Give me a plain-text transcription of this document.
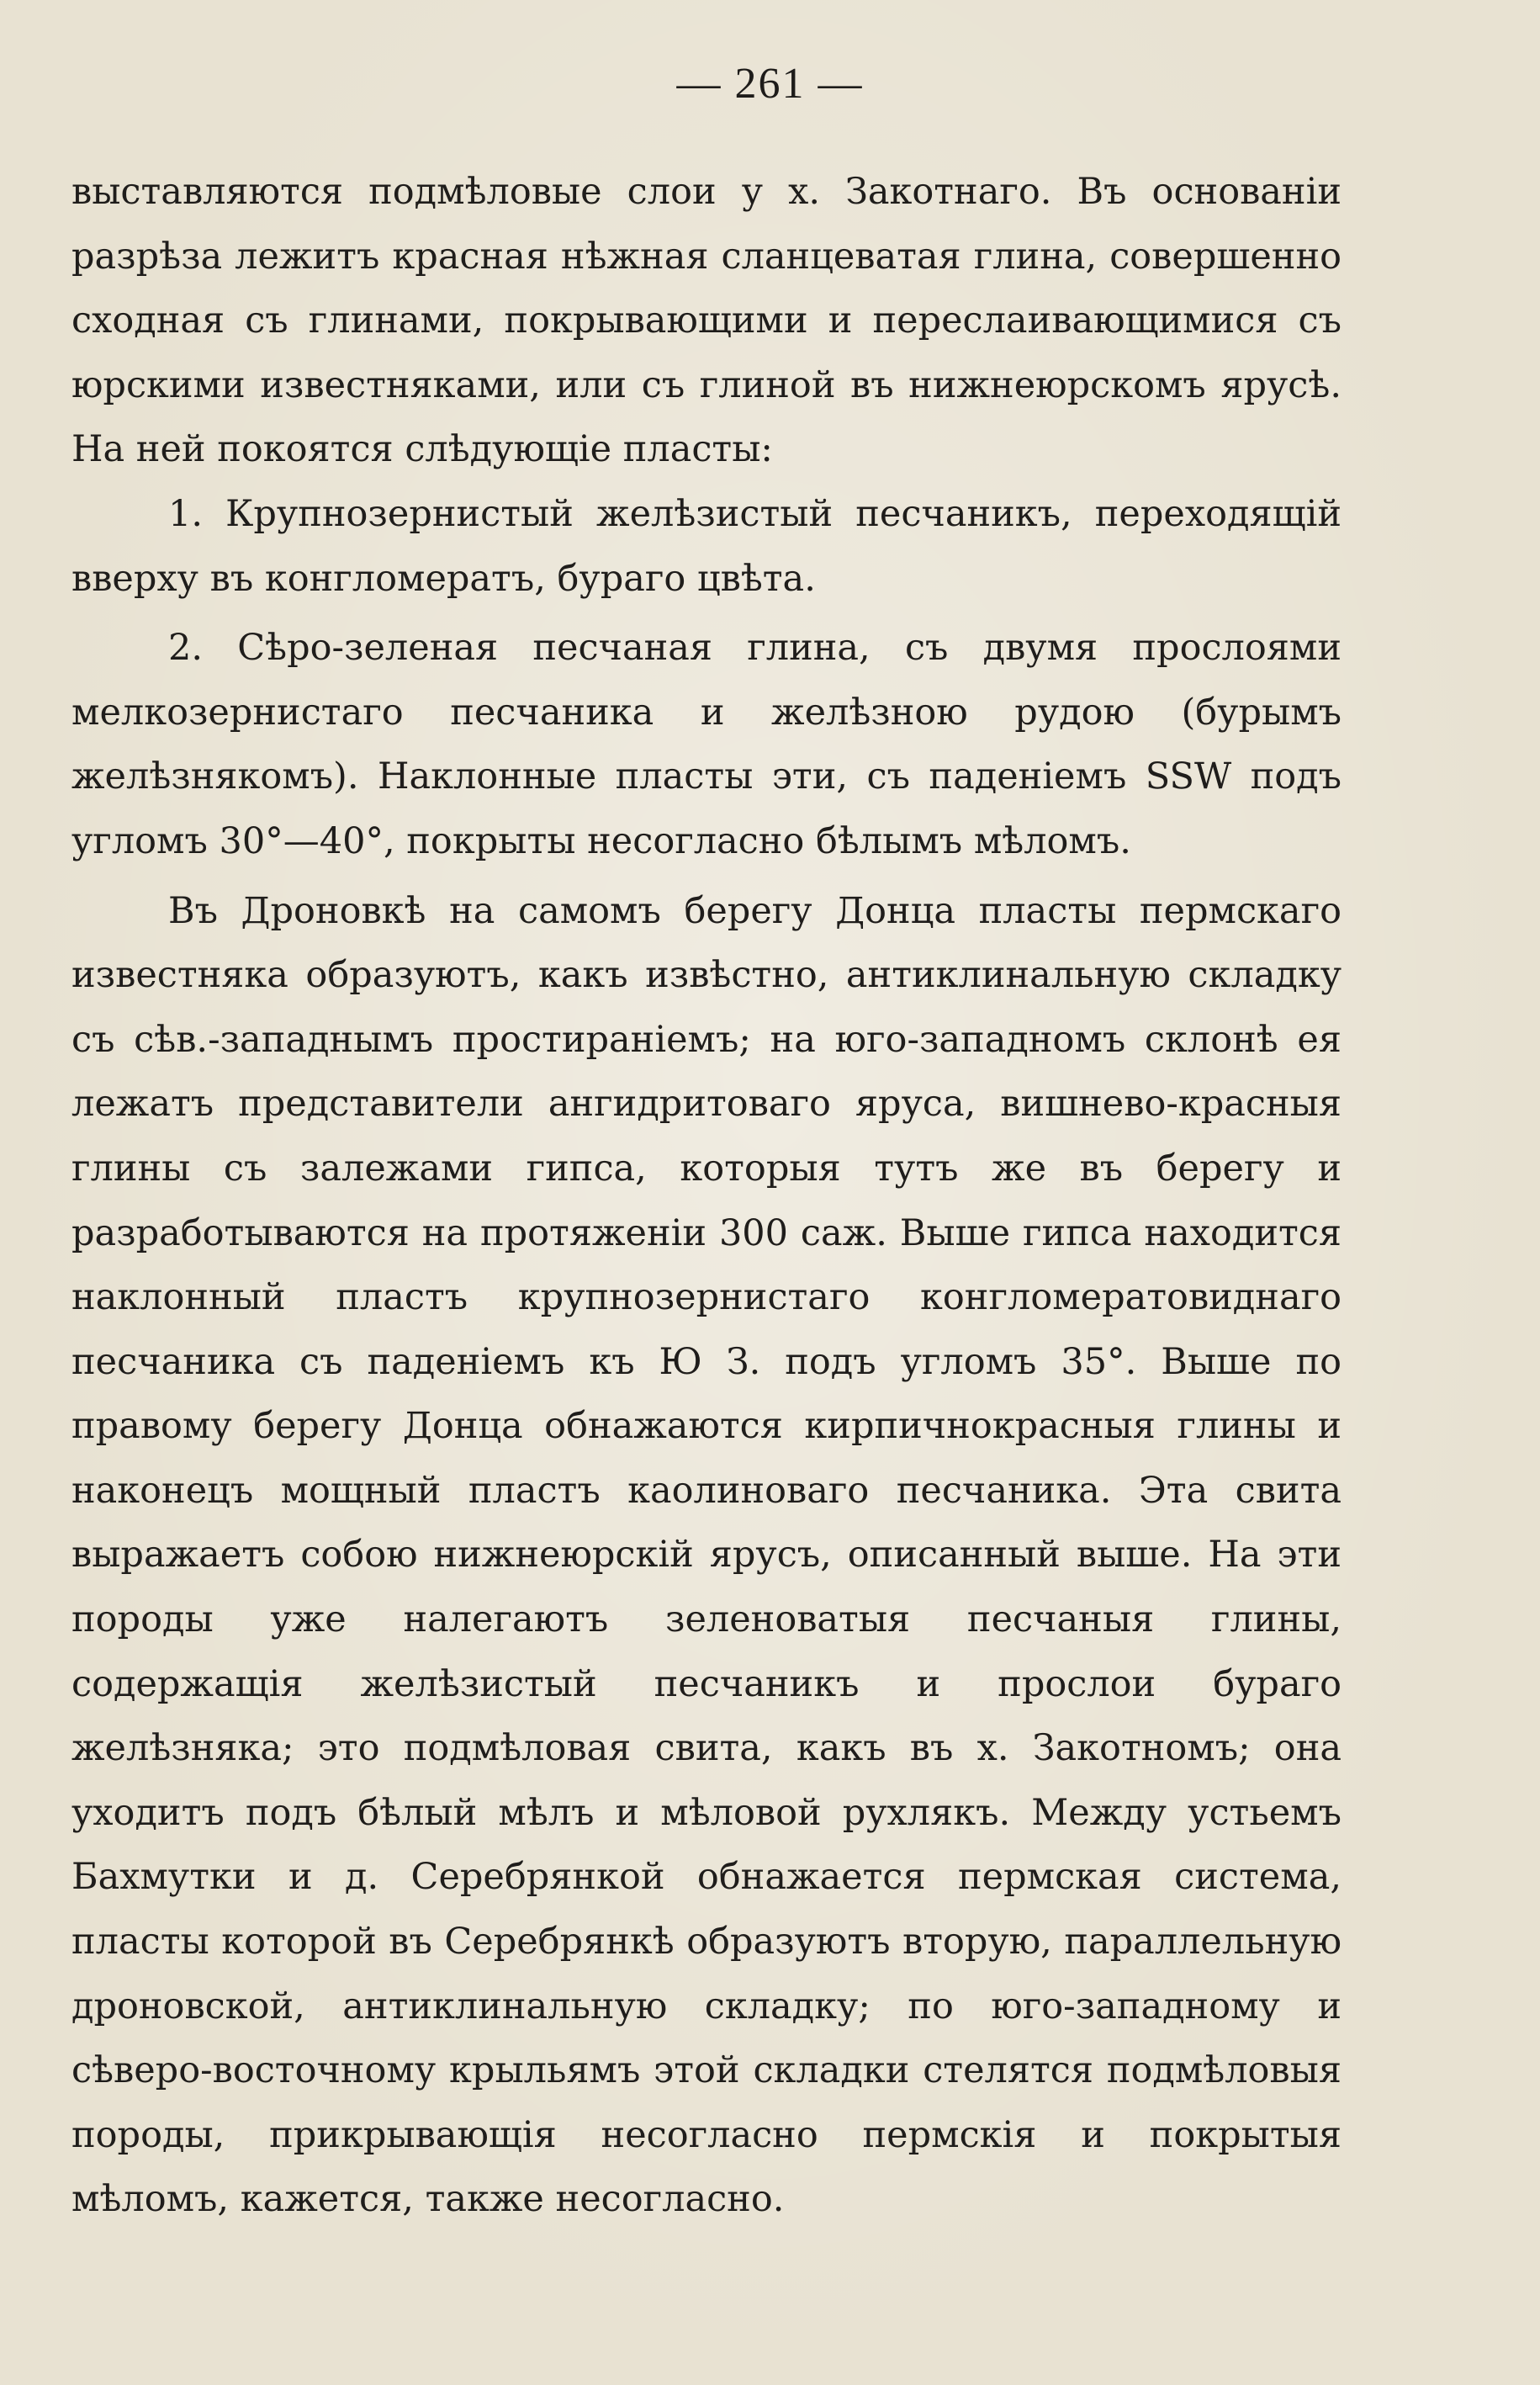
— 261 —

выставляются подмѣловые слои у х. Закотнаго. Въ основаніи разрѣза лежитъ красная нѣжная сланцеватая глина, совершенно сходная съ глинами, покрывающими и переслаивающимися съ юрскими известняками, или съ глиной въ нижнеюрскомъ ярусѣ. На ней покоятся слѣдующіе пласты:

1. Крупнозернистый желѣзистый песчаникъ, переходящій вверху въ конгломератъ, бураго цвѣта.

2. Сѣро-зеленая песчаная глина, съ двумя прослоями мелкозернистаго песчаника и желѣзною рудою (бурымъ желѣзнякомъ). Наклонные пласты эти, съ паденіемъ SSW подъ угломъ 30°—40°, покрыты несогласно бѣлымъ мѣломъ.

Въ Дроновкѣ на самомъ берегу Донца пласты пермскаго известняка образуютъ, какъ извѣстно, антиклинальную складку съ сѣв.-западнымъ простираніемъ; на юго-западномъ склонѣ ея лежатъ представители ангидритоваго яруса, вишнево-красныя глины съ залежами гипса, которыя тутъ же въ берегу и разработываются на протяженіи 300 саж. Выше гипса находится наклонный пластъ крупнозернистаго конгломератовиднаго песчаника съ паденіемъ къ Ю З. подъ угломъ 35°. Выше по правому берегу Донца обнажаются кирпичнокрасныя глины и наконецъ мощный пластъ каолиноваго песчаника. Эта свита выражаетъ собою нижнеюрскій ярусъ, описанный выше. На эти породы уже налегаютъ зеленоватыя песчаныя глины, содержащія желѣзистый песчаникъ и прослои бураго желѣзняка; это подмѣловая свита, какъ въ х. Закотномъ; она уходитъ подъ бѣлый мѣлъ и мѣловой рухлякъ. Между устьемъ Бахмутки и д. Серебрянкой обнажается пермская система, пласты которой въ Серебрянкѣ образуютъ вторую, параллельную дроновской, антиклинальную складку; по юго-западному и сѣверо-восточному крыльямъ этой складки стелятся подмѣловыя породы, прикрывающія несогласно пермскія и покрытыя мѣломъ, кажется, также несогласно.
